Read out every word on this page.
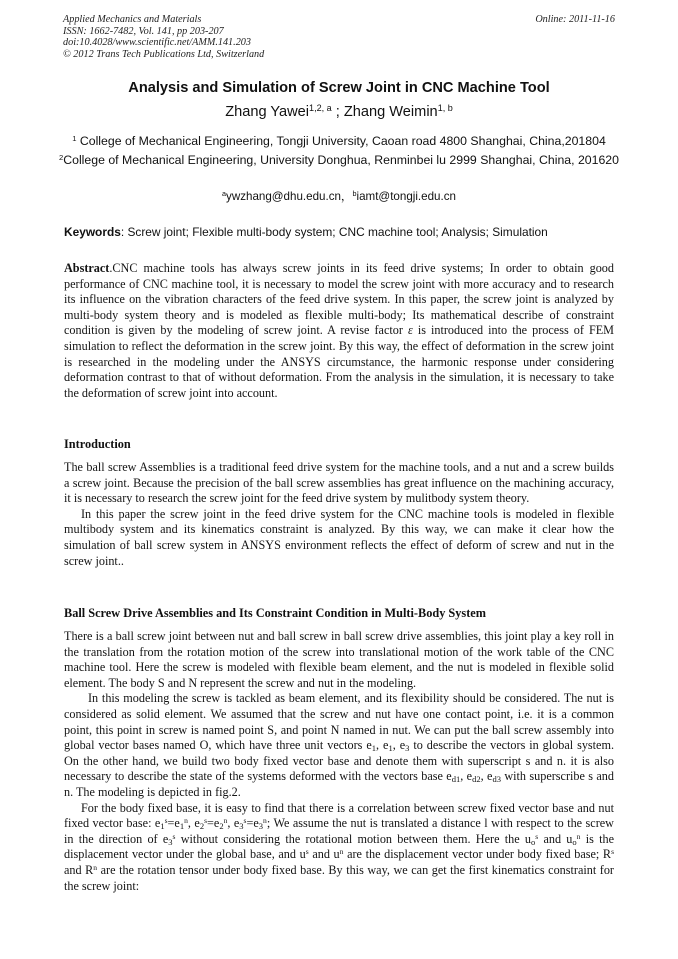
Applied Mechanics and Materials
ISSN: 1662-7482, Vol. 141, pp 203-207
doi:10.4028/www.scientific.net/AMM.141.203
© 2012 Trans Tech Publications Ltd, Switzerland
Online: 2011-11-16
Analysis and Simulation of Screw Joint in CNC Machine Tool
Zhang Yawei$^{1,2, a}$ ; Zhang Weimin$^{1, b}$
$^1$ College of Mechanical Engineering, Tongji University, Caoan road 4800 Shanghai, China,201804
$^2$College of Mechanical Engineering, University Donghua, Renminbei lu 2999 Shanghai, China, 201620
$^a$ywzhang@dhu.edu.cn，$^b$iamt@tongji.edu.cn
Keywords: Screw joint; Flexible multi-body system; CNC machine tool; Analysis; Simulation

Abstract.CNC machine tools has always screw joints in its feed drive systems; In order to obtain good performance of CNC machine tool, it is necessary to model the screw joint with more accuracy and to research its influence on the vibration characters of the feed drive system. In this paper, the screw joint is analyzed by multi-body system theory and is modeled as flexible multi-body; Its mathematical describe of constraint condition is given by the modeling of screw joint. A revise factor ε is introduced into the process of FEM simulation to reflect the deformation in the screw joint. By this way, the effect of deformation in the screw joint is researched in the modeling under the ANSYS circumstance, the harmonic response under considering deformation contrast to that of without deformation. From the analysis in the simulation, it is necessary to take the deformation of screw joint into account.

Introduction

The ball screw Assemblies is a traditional feed drive system for the machine tools, and a nut and a screw builds a screw joint. Because the precision of the ball screw assemblies has great influence on the machining accuracy, it is necessary to research the screw joint for the feed drive system by mulitbody system theory.

In this paper the screw joint in the feed drive system for the CNC machine tools is modeled in flexible multibody system and its kinematics constraint is analyzed. By this way, we can make it clear how the simulation of ball screw system in ANSYS environment reflects the effect of deform of screw and nut in the screw joint..

Ball Screw Drive Assemblies and Its Constraint Condition in Multi-Body System

There is a ball screw joint between nut and ball screw in ball screw drive assemblies, this joint play a key roll in the translation from the rotation motion of the screw into translational motion of the work table of the CNC machine tool. Here the screw is modeled with flexible beam element, and the nut is modeled in flexible solid element. The body S and N represent the screw and nut in the modeling.

In this modeling the screw is tackled as beam element, and its flexibility should be considered. The nut is considered as solid element. We assumed that the screw and nut have one contact point, i.e. it is a common point, this point in screw is named point S, and point N named in nut. We can put the ball screw assembly into global vector bases named O, which have three unit vectors $e_1$, $e_1$, $e_3$ to describe the vectors in global system. On the other hand, we build two body fixed vector base and denote them with superscript s and n. it is also necessary to describe the state of the systems deformed with the vectors base $e_{d1}$, $e_{d2}$, $e_{d3}$ with superscribe s and n. The modeling is depicted in fig.2.

For the body fixed base, it is easy to find that there is a correlation between screw fixed vector base and nut fixed vector base: $e_1^s=e_1^n$, $e_2^s=e_2^n$, $e_3^s=e_3^n$; We assume the nut is translated a distance l with respect to the screw in the direction of $e_3^s$ without considering the rotational motion between them. Here the $u_o^s$ and $u_o^n$ is the displacement vector under the global base, and $u^s$ and $u^n$ are the displacement vector under body fixed base; $R^s$ and $R^n$ are the rotation tensor under body fixed base. By this way, we can get the first kinematics constraint for the screw joint:
